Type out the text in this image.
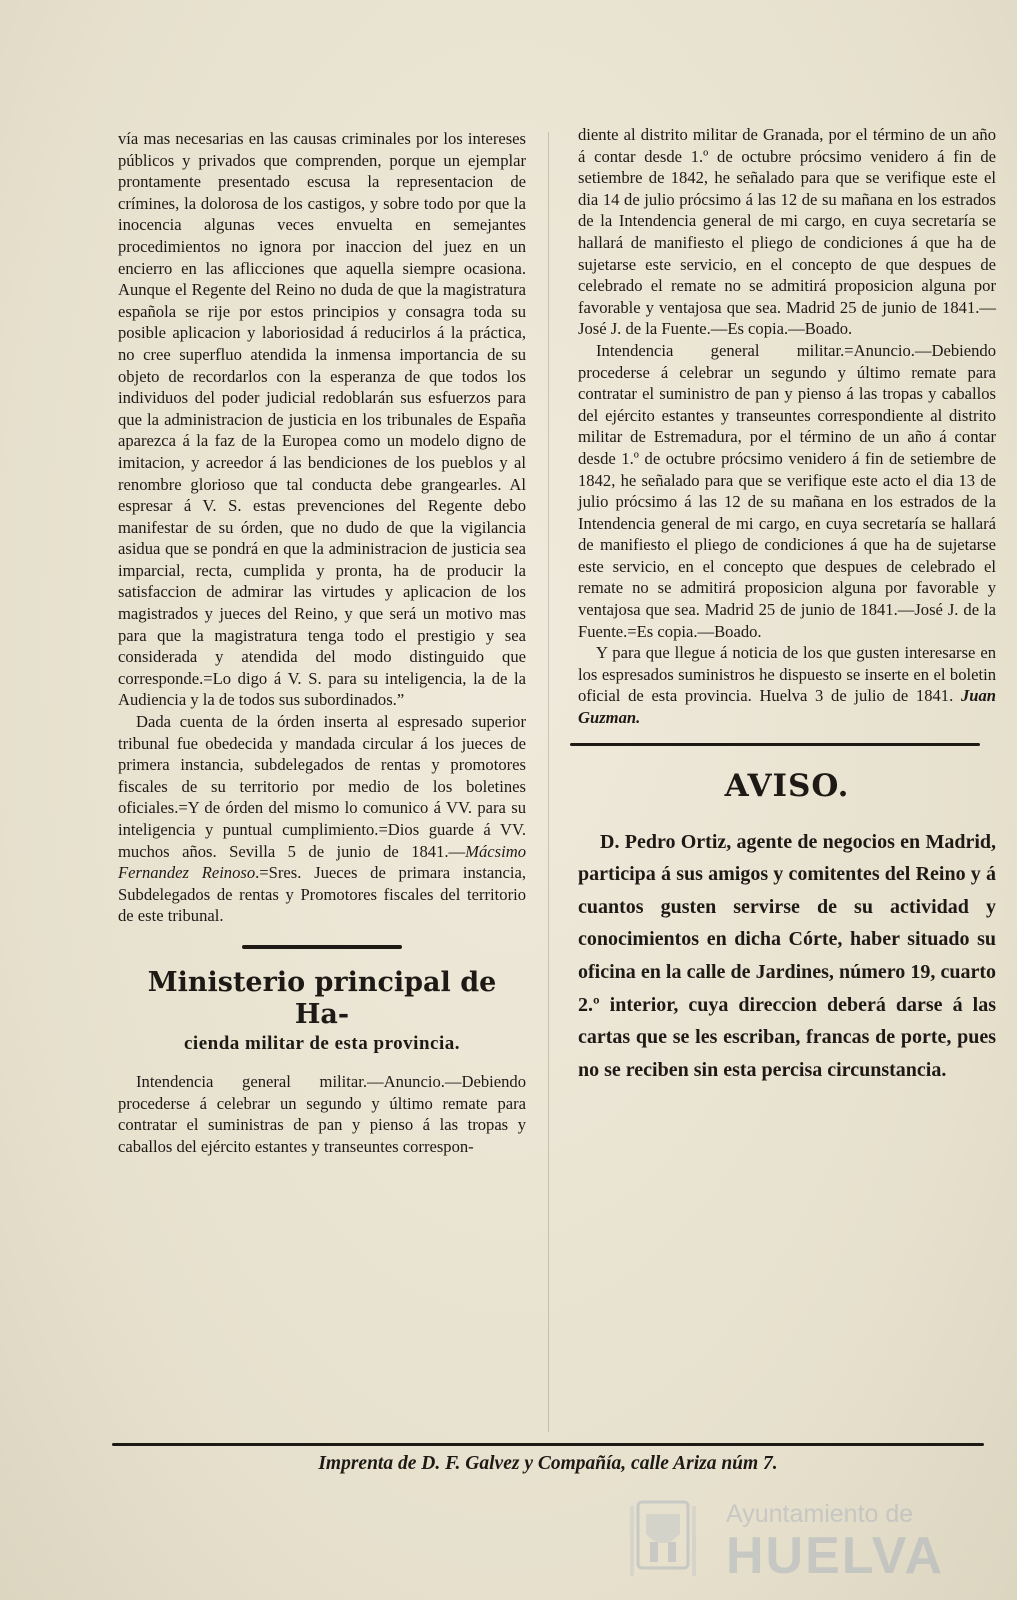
vía mas necesarias en las causas criminales por los intereses públicos y privados que comprenden, porque un ejemplar prontamente presentado escusa la representacion de crímines, la dolorosa de los castigos, y sobre todo por que la inocencia algunas veces envuelta en semejantes procedimientos no ignora por inaccion del juez en un encierro en las aflicciones que aquella siempre ocasiona. Aunque el Regente del Reino no duda de que la magistratura española se rije por estos principios y consagra toda su posible aplicacion y laboriosidad á reducirlos á la práctica, no cree superfluo atendida la inmensa importancia de su objeto de recordarlos con la esperanza de que todos los individuos del poder judicial redoblarán sus esfuerzos para que la administracion de justicia en los tribunales de España aparezca á la faz de la Europea como un modelo digno de imitacion, y acreedor á las bendiciones de los pueblos y al renombre glorioso que tal conducta debe grangearles. Al espresar á V. S. estas prevenciones del Regente debo manifestar de su órden, que no dudo de que la vigilancia asidua que se pondrá en que la administracion de justicia sea imparcial, recta, cumplida y pronta, ha de producir la satisfaccion de admirar las virtudes y aplicacion de los magistrados y jueces del Reino, y que será un motivo mas para que la magistratura tenga todo el prestigio y sea considerada y atendida del modo distinguido que corresponde.=Lo digo á V. S. para su inteligencia, la de la Audiencia y la de todos sus subordinados.”

Dada cuenta de la órden inserta al espresado superior tribunal fue obedecida y mandada circular á los jueces de primera instancia, subdelegados de rentas y promotores fiscales de su territorio por medio de los boletines oficiales.=Y de órden del mismo lo comunico á VV. para su inteligencia y puntual cumplimiento.=Dios guarde á VV. muchos años. Sevilla 5 de junio de 1841.—Mácsimo Fernandez Reinoso.=Sres. Jueces de primara instancia, Subdelegados de rentas y Promotores fiscales del territorio de este tribunal.

Ministerio principal de Ha-
cienda militar de esta provincia.

Intendencia general militar.—Anuncio.—Debiendo procederse á celebrar un segundo y último remate para contratar el suministras de pan y pienso á las tropas y caballos del ejército estantes y transeuntes correspon-

diente al distrito militar de Granada, por el término de un año á contar desde 1.º de octubre prócsimo venidero á fin de setiembre de 1842, he señalado para que se verifique este el dia 14 de julio prócsimo á las 12 de su mañana en los estrados de la Intendencia general de mi cargo, en cuya secretaría se hallará de manifiesto el pliego de condiciones á que ha de sujetarse este servicio, en el concepto de que despues de celebrado el remate no se admitirá proposicion alguna por favorable y ventajosa que sea. Madrid 25 de junio de 1841.—José J. de la Fuente.—Es copia.—Boado.

Intendencia general militar.=Anuncio.—Debiendo procederse á celebrar un segundo y último remate para contratar el suministro de pan y pienso á las tropas y caballos del ejército estantes y transeuntes correspondiente al distrito militar de Estremadura, por el término de un año á contar desde 1.º de octubre prócsimo venidero á fin de setiembre de 1842, he señalado para que se verifique este acto el dia 13 de julio prócsimo á las 12 de su mañana en los estrados de la Intendencia general de mi cargo, en cuya secretaría se hallará de manifiesto el pliego de condiciones á que ha de sujetarse este servicio, en el concepto que despues de celebrado el remate no se admitirá proposicion alguna por favorable y ventajosa que sea. Madrid 25 de junio de 1841.—José J. de la Fuente.=Es copia.—Boado.

Y para que llegue á noticia de los que gusten interesarse en los espresados suministros he dispuesto se inserte en el boletin oficial de esta provincia. Huelva 3 de julio de 1841. Juan Guzman.

AVISO.

D. Pedro Ortiz, agente de negocios en Madrid, participa á sus amigos y comitentes del Reino y á cuantos gusten servirse de su actividad y conocimientos en dicha Córte, haber situado su oficina en la calle de Jardines, número 19, cuarto 2.º interior, cuya direccion deberá darse á las cartas que se les escriban, francas de porte, pues no se reciben sin esta percisa circunstancia.

Imprenta de D. F. Galvez y Compañía, calle Ariza núm 7.
Ayuntamiento de
HUELVA
